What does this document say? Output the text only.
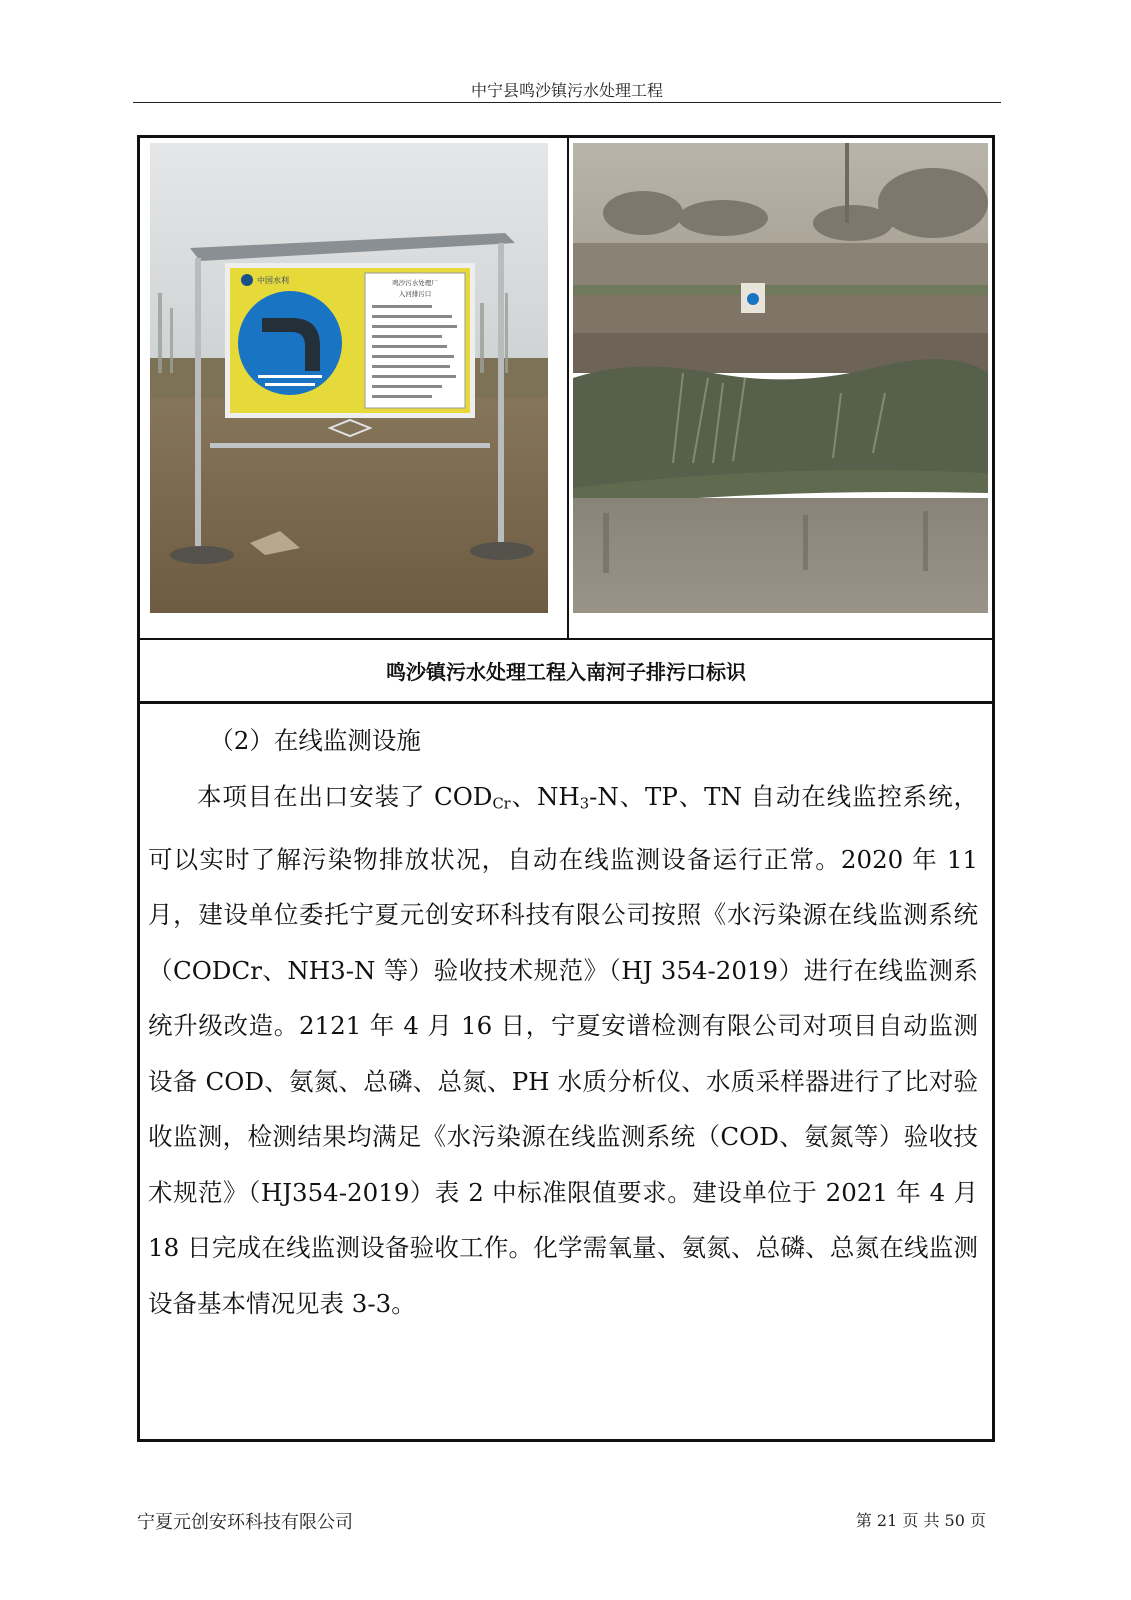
中宁县鸣沙镇污水处理工程
鸣沙污水处理厂
入河排污口
中国水利
鸣沙镇污水处理工程入南河子排污口标识

（2）在线监测设施

本项目在出口安装了 $COD_{Cr}$、$NH_3-N$、TP、TN 自动在线监控系统，可以实时了解污染物排放状况，自动在线监测设备运行正常。2020 年 11 月，建设单位委托宁夏元创安环科技有限公司按照《水污染源在线监测系统（CODCr、NH3-N 等）验收技术规范》（HJ 354-2019）进行在线监测系统升级改造。2121 年 4 月 16 日，宁夏安谱检测有限公司对项目自动监测设备 COD、氨氮、总磷、总氮、PH 水质分析仪、水质采样器进行了比对验收监测，检测结果均满足《水污染源在线监测系统（COD、氨氮等）验收技术规范》（HJ354-2019）表 2 中标准限值要求。建设单位于 2021 年 4 月 18 日完成在线监测设备验收工作。化学需氧量、氨氮、总磷、总氮在线监测设备基本情况见表 3-3。

宁夏元创安环科技有限公司	第 21 页 共 50 页
